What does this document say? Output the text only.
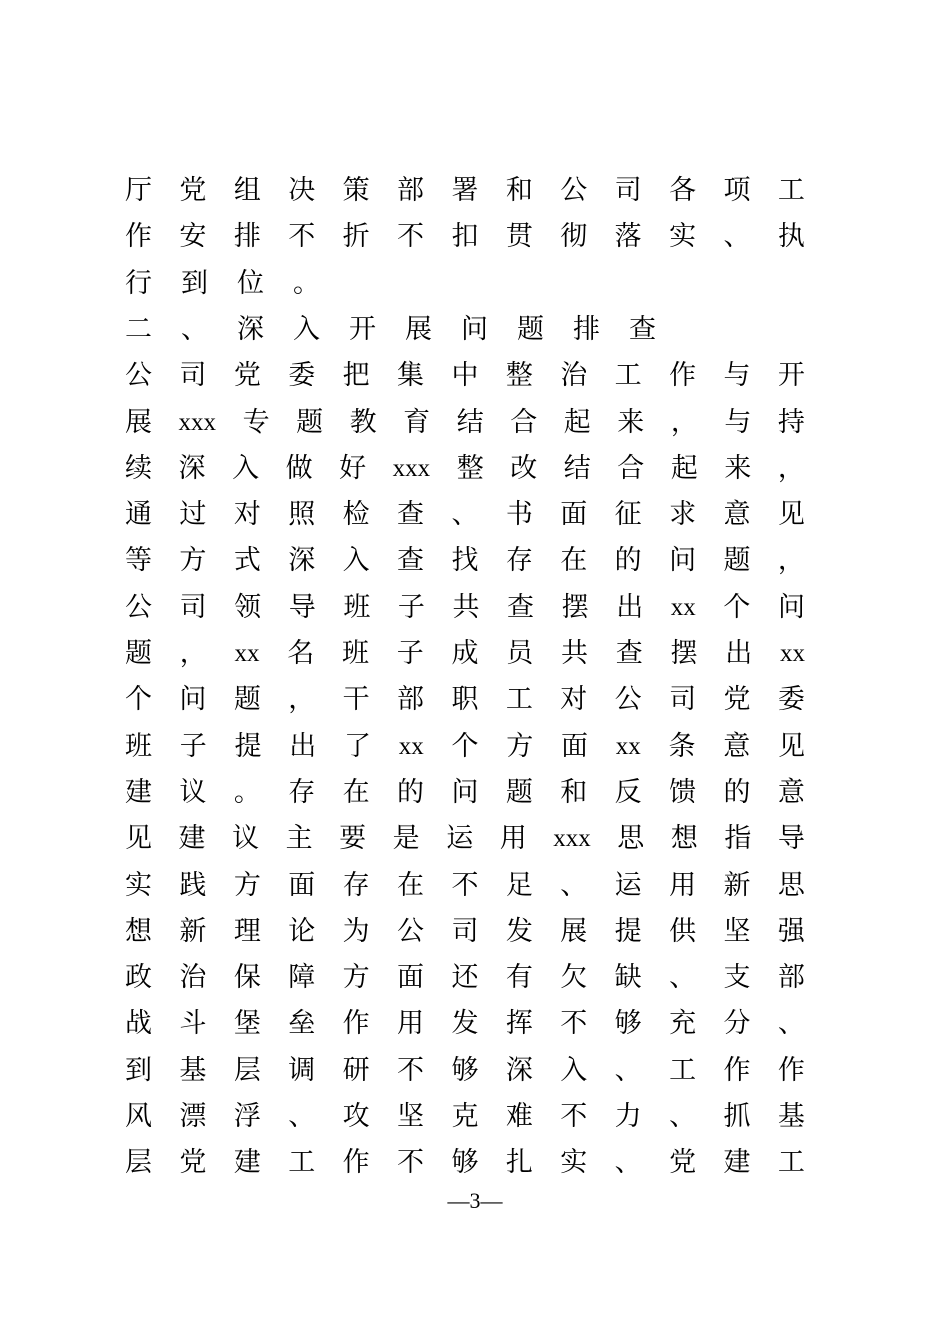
厅 党 组 决 策 部 署 和 公 司 各 项 工
作 安 排 不 折 不 扣 贯 彻 落 实 、 执
行 到 位 。
二 、 深 入 开 展 问 题 排 查
公 司 党 委 把 集 中 整 治 工 作 与 开
展 xxx 专 题 教 育 结 合 起 来 ， 与 持
续 深 入 做 好 xxx 整 改 结 合 起 来 ，
通 过 对 照 检 查 、 书 面 征 求 意 见
等 方 式 深 入 查 找 存 在 的 问 题 ，
公 司 领 导 班 子 共 查 摆 出 xx 个 问
题 ， xx 名 班 子 成 员 共 查 摆 出 xx
个 问 题 ， 干 部 职 工 对 公 司 党 委
班 子 提 出 了 xx 个 方 面 xx 条 意 见
建 议 。 存 在 的 问 题 和 反 馈 的 意
见 建 议 主 要 是 运 用 xxx 思 想 指 导
实 践 方 面 存 在 不 足 、 运 用 新 思
想 新 理 论 为 公 司 发 展 提 供 坚 强
政 治 保 障 方 面 还 有 欠 缺 、 支 部
战 斗 堡 垒 作 用 发 挥 不 够 充 分 、
到 基 层 调 研 不 够 深 入 、 工 作 作
风 漂 浮 、 攻 坚 克 难 不 力 、 抓 基
层 党 建 工 作 不 够 扎 实 、 党 建 工
—3—
